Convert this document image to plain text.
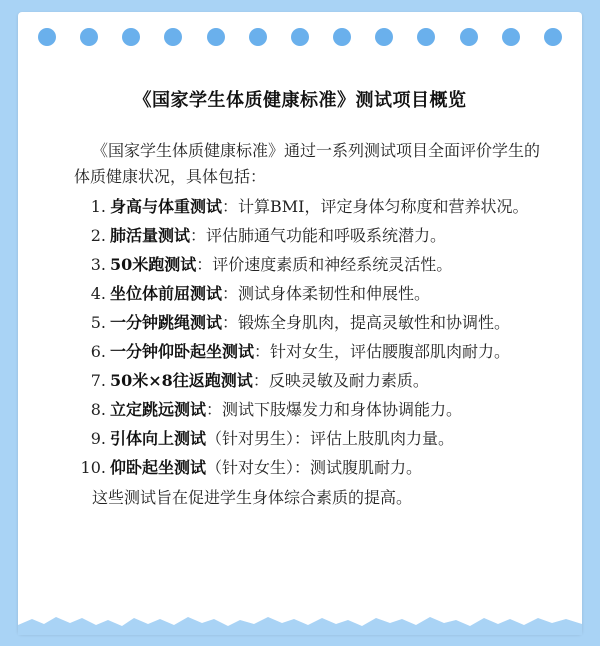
《国家学生体质健康标准》测试项目概览

《国家学生体质健康标准》通过一系列测试项目全面评价学生的体质健康状况，具体包括：

1. 身高与体重测试：计算BMI，评定身体匀称度和营养状况。
2. 肺活量测试：评估肺通气功能和呼吸系统潜力。
3. 50米跑测试：评价速度素质和神经系统灵活性。
4. 坐位体前屈测试：测试身体柔韧性和伸展性。
5. 一分钟跳绳测试：锻炼全身肌肉，提高灵敏性和协调性。
6. 一分钟仰卧起坐测试：针对女生，评估腰腹部肌肉耐力。
7. 50米×8往返跑测试：反映灵敏及耐力素质。
8. 立定跳远测试：测试下肢爆发力和身体协调能力。
9. 引体向上测试（针对男生）：评估上肢肌肉力量。
10. 仰卧起坐测试（针对女生）：测试腹肌耐力。

这些测试旨在促进学生身体综合素质的提高。
